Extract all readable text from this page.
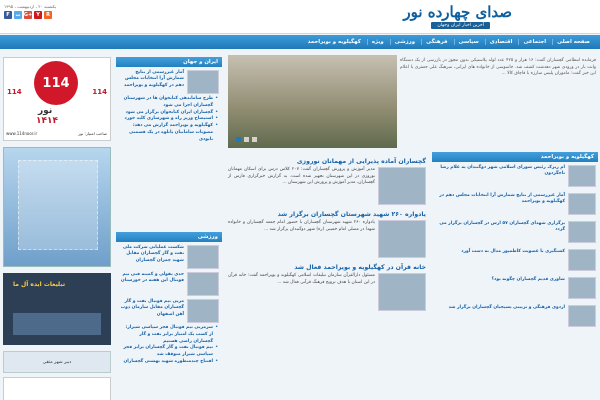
صدای چهارده نور
آخرین اخبار ایران وجهان
یکشنبه ۲۰ ، اردیبهشت ، ۱۳۹۵
F	ت G+ Y	R
صفحه اصلی
اجتماعی
اقتصادی
سیاسی
فرهنگی
ورزشی
ویژه
کهگیلویه و بویراحمد
114
114
114
نور
۱۴۱۴
www.114noor.ir	صاحب امتیاز: نور
تبلیغات ایده آل ما
دبیر شهر متقی
ایران و جهان
آمار غیررسمی از نتایج شمارش آرا انتخابات مجلس دهم در کهگیلویه و بویراحمد
• طرح ساماندهی کتابخوان ها در شهرستان گچساران اجرا می شود
• گچساران ایران کتابخوان برگزار می شود
• استیضاح وزیر راه و شهرسازی کلید خورد
• کهگیلویه و بویراحمد گزارش می دهد: مصوبات سامانیان پاتلوه در یک قسمتی نابودی
ورزشی
شکست عملیاتی شرکت ملی نفت و گاز گچساران مقابل شهید چمران گچساران
حدی بقولی و کمیته فنی تیم فوتبال این هفته در خوزستان
مربی تیم فوتبال نفت و گاز گچساران مقابل سازمان ذوب آهن اصفهان
• سرمربی تیم فوتبال فجر سپاسی شیراز: از کسب یک امتیاز برابر نفت و گاز گچساران راضی هستیم
• تیم فوتبال نفت و گاز گچساران برابر فجر سپاسی شیراز متوقف شد
• افتتاح چندمنظوره شهید بهشتی گچساران
فرمانده انتظامی گچساران گفت: ۱۶ هزار و ۴۲۵ عدد لوله پلاستیکی بدون مجوز در بازرسی از یک دستگاه وانت بار در ورودی شهر دهدشت کشف شد. جاسوسی از خانواده های ایرانی، سرهنگ علی جعفری با اعلام این خبر گفت: ماموران پلیس مبارزه با قاچاق کالا ...
گچساران آماده پذیرایی از مهمانان نوروزی
مدیر آموزش و پرورش گچساران گفت: ۲۰۷ کلاس درس برای اسکان مهمانان نوروزی در این شهرستان تجهیز شده است. به گزارش خبرگزاری فارس از گچساران، مدیر آموزش و پرورش این شهرستان ...
یادواره ۲۶۰ شهید شهرستان گچساران برگزار شد
یادواره ۲۶۰ شهید شهرستان گچساران با حضور امام جمعه گچساران و خانواده شهدا در مصلی امام خمینی (ره) شهر دوگنبدان برگزار شد ...
خانه قرآن در کهگیلویه و بویراحمد فعال شد
مسئول دارالقرآن سازمان تبلیغات اسلامی کهگیلویه و بویراحمد گفت: خانه قرآن در این استان با هدف ترویج فرهنگ قرآنی فعال شد ...
کهگیلویه و بویراحمد
ام ریزک رئیس شورای اسلامی شهر دوگنبدان به غلام رضا تاجگردون
آمار غیررسمی از نتایج شمارش آرا انتخابات مجلس دهم در کهگیلویه و بویراحمد
برگزاری شهدای گچساران ۵۷ ارس در گچساران برگزار می گردد
کشتگیری با عضویت کاظمپور مدال به دست آورد
شاوری قدیم گچساران چگونه بود؟
اردوی فرهنگی و تربیتی بسیجیان گچساران برگزار شد
